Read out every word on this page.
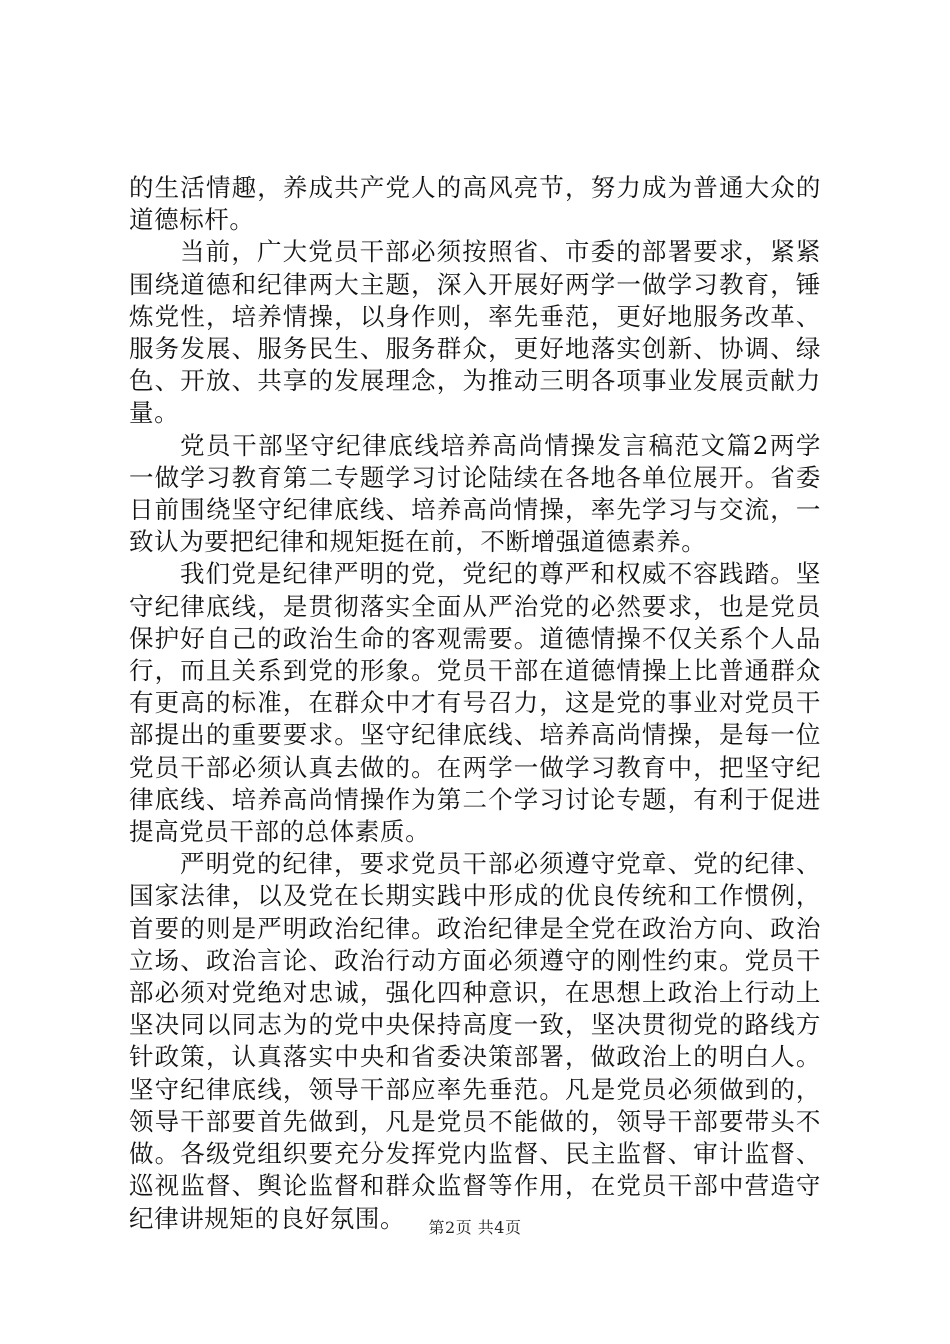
的生活情趣，养成共产党人的高风亮节，努力成为普通大众的道德标杆。

当前，广大党员干部必须按照省、市委的部署要求，紧紧围绕道德和纪律两大主题，深入开展好两学一做学习教育，锤炼党性，培养情操，以身作则，率先垂范，更好地服务改革、服务发展、服务民生、服务群众，更好地落实创新、协调、绿色、开放、共享的发展理念，为推动三明各项事业发展贡献力量。

党员干部坚守纪律底线培养高尚情操发言稿范文篇2两学一做学习教育第二专题学习讨论陆续在各地各单位展开。省委日前围绕坚守纪律底线、培养高尚情操，率先学习与交流，一致认为要把纪律和规矩挺在前，不断增强道德素养。

我们党是纪律严明的党，党纪的尊严和权威不容践踏。坚守纪律底线，是贯彻落实全面从严治党的必然要求，也是党员保护好自己的政治生命的客观需要。道德情操不仅关系个人品行，而且关系到党的形象。党员干部在道德情操上比普通群众有更高的标准，在群众中才有号召力，这是党的事业对党员干部提出的重要要求。坚守纪律底线、培养高尚情操，是每一位党员干部必须认真去做的。在两学一做学习教育中，把坚守纪律底线、培养高尚情操作为第二个学习讨论专题，有利于促进提高党员干部的总体素质。

严明党的纪律，要求党员干部必须遵守党章、党的纪律、国家法律，以及党在长期实践中形成的优良传统和工作惯例，首要的则是严明政治纪律。政治纪律是全党在政治方向、政治立场、政治言论、政治行动方面必须遵守的刚性约束。党员干部必须对党绝对忠诚，强化四种意识，在思想上政治上行动上坚决同以同志为的党中央保持高度一致，坚决贯彻党的路线方针政策，认真落实中央和省委决策部署，做政治上的明白人。坚守纪律底线，领导干部应率先垂范。凡是党员必须做到的，领导干部要首先做到，凡是党员不能做的，领导干部要带头不做。各级党组织要充分发挥党内监督、民主监督、审计监督、巡视监督、舆论监督和群众监督等作用，在党员干部中营造守纪律讲规矩的良好氛围。	第2页 共4页
